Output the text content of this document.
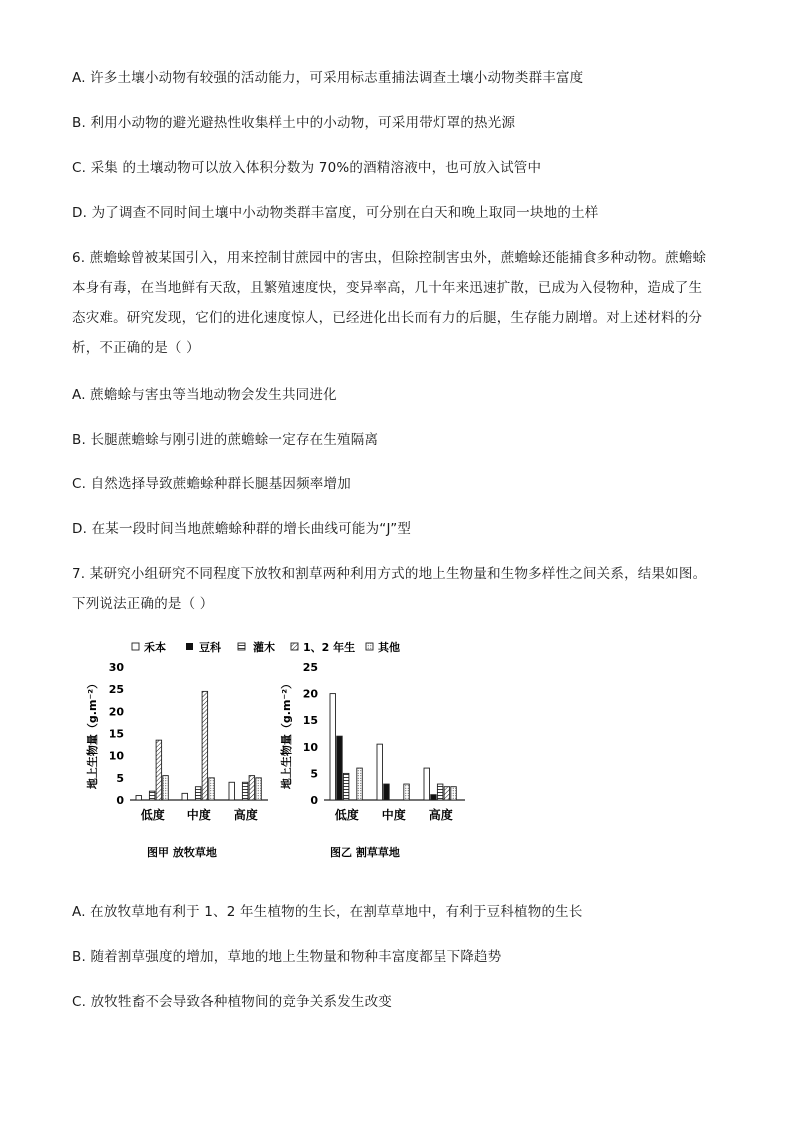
A. 许多土壤小动物有较强的活动能力，可采用标志重捕法调查土壤小动物类群丰富度
B. 利用小动物的避光避热性收集样土中的小动物，可采用带灯罩的热光源
C. 采集 的土壤动物可以放入体积分数为 70%的酒精溶液中，也可放入试管中
D. 为了调查不同时间土壤中小动物类群丰富度，可分别在白天和晚上取同一块地的土样
6. 蔗蟾蜍曾被某国引入，用来控制甘蔗园中的害虫，但除控制害虫外，蔗蟾蜍还能捕食多种动物。蔗蟾蜍
本身有毒，在当地鲜有天敌，且繁殖速度快，变异率高，几十年来迅速扩散，已成为入侵物种，造成了生
态灾难。研究发现，它们的进化速度惊人，已经进化出长而有力的后腿，生存能力剧增。对上述材料的分
析，不正确的是（ ）
A. 蔗蟾蜍与害虫等当地动物会发生共同进化
B. 长腿蔗蟾蜍与刚引进的蔗蟾蜍一定存在生殖隔离
C. 自然选择导致蔗蟾蜍种群长腿基因频率增加
D. 在某一段时间当地蔗蟾蜍种群的增长曲线可能为“J”型
7. 某研究小组研究不同程度下放牧和割草两种利用方式的地上生物量和生物多样性之间关系，结果如图。
下列说法正确的是（ ）
禾本	豆科	灌木	1、2 年生 其他
地上生物量（g.m⁻²）
图甲 放牧草地
0
5
10
15
20
25
30
低度 中度 高度
地上生物量（g.m⁻²）
图乙 割草草地
0
5
10
15
20
25
低度 中度 高度
A. 在放牧草地有利于 1、2 年生植物的生长，在割草草地中，有利于豆科植物的生长
B. 随着割草强度的增加，草地的地上生物量和物种丰富度都呈下降趋势
C. 放牧牲畜不会导致各种植物间的竞争关系发生改变
